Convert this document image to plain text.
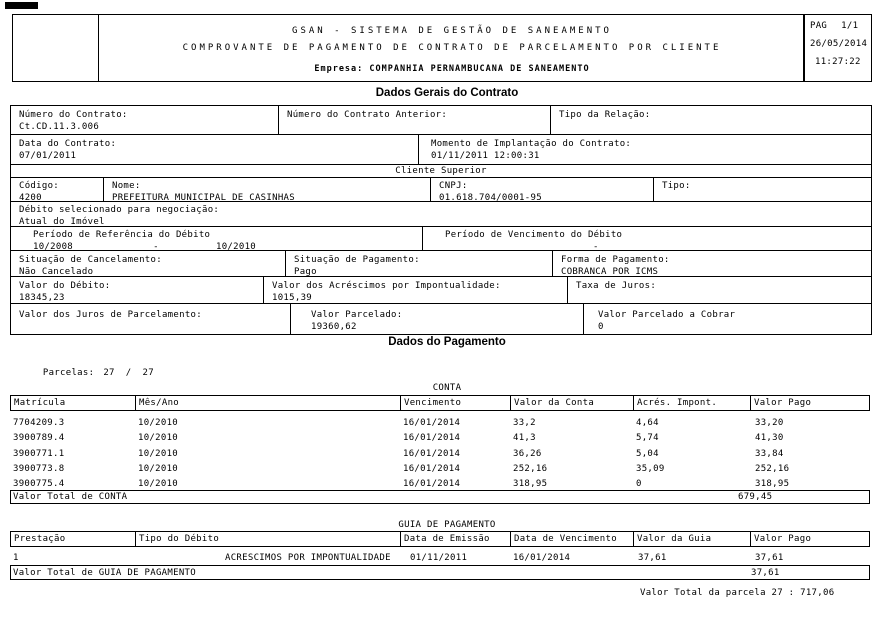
GSAN - SISTEMA DE GESTÃO DE SANEAMENTO
COMPROVANTE DE PAGAMENTO DE CONTRATO DE PARCELAMENTO POR CLIENTE
Empresa: COMPANHIA PERNAMBUCANA DE SANEAMENTO
PAG 1/1
26/05/2014
11:27:22
Dados Gerais do Contrato
Número do Contrato:
Ct.CD.11.3.006
Número do Contrato Anterior:	Tipo da Relação:
Data do Contrato:
07/01/2011
Momento de Implantação do Contrato:
01/11/2011 12:00:31
Cliente Superior
Código:
4200
Nome:
PREFEITURA MUNICIPAL DE CASINHAS
CNPJ:
01.618.704/0001-95
Tipo:
Débito selecionado para negociação:
Atual do Imóvel
Período de Referência do Débito
10/2008              -          10/2010
Período de Vencimento do Débito
-
Situação de Cancelamento:
Não Cancelado
Situação de Pagamento:
Pago
Forma de Pagamento:
COBRANCA POR ICMS
Valor do Débito:
18345,23
Valor dos Acréscimos por Impontualidade:
1015,39
Taxa de Juros:
Valor dos Juros de Parcelamento:	Valor Parcelado:
19360,62
Valor Parcelado a Cobrar
0
Dados do Pagamento

Parcelas: 27 / 27

CONTA
Matrícula	Mês/Ano	Vencimento	Valor da Conta	Acrés. Impont.	Valor Pago
7704209.3	10/2010	16/01/2014	33,2	4,64	33,20
3900789.4	10/2010	16/01/2014	41,3	5,74	41,30
3900771.1	10/2010	16/01/2014	36,26	5,04	33,84
3900773.8	10/2010	16/01/2014	252,16	35,09	252,16
3900775.4	10/2010	16/01/2014	318,95	0	318,95
Valor Total de CONTA	679,45
GUIA DE PAGAMENTO
Prestação	Tipo do Débito	Data de Emissão	Data de Vencimento	Valor da Guia	Valor Pago
1	ACRESCIMOS POR IMPONTUALIDADE	01/11/2011	16/01/2014	37,61	37,61
Valor Total de GUIA DE PAGAMENTO	37,61
Valor Total da parcela 27 : 717,06
